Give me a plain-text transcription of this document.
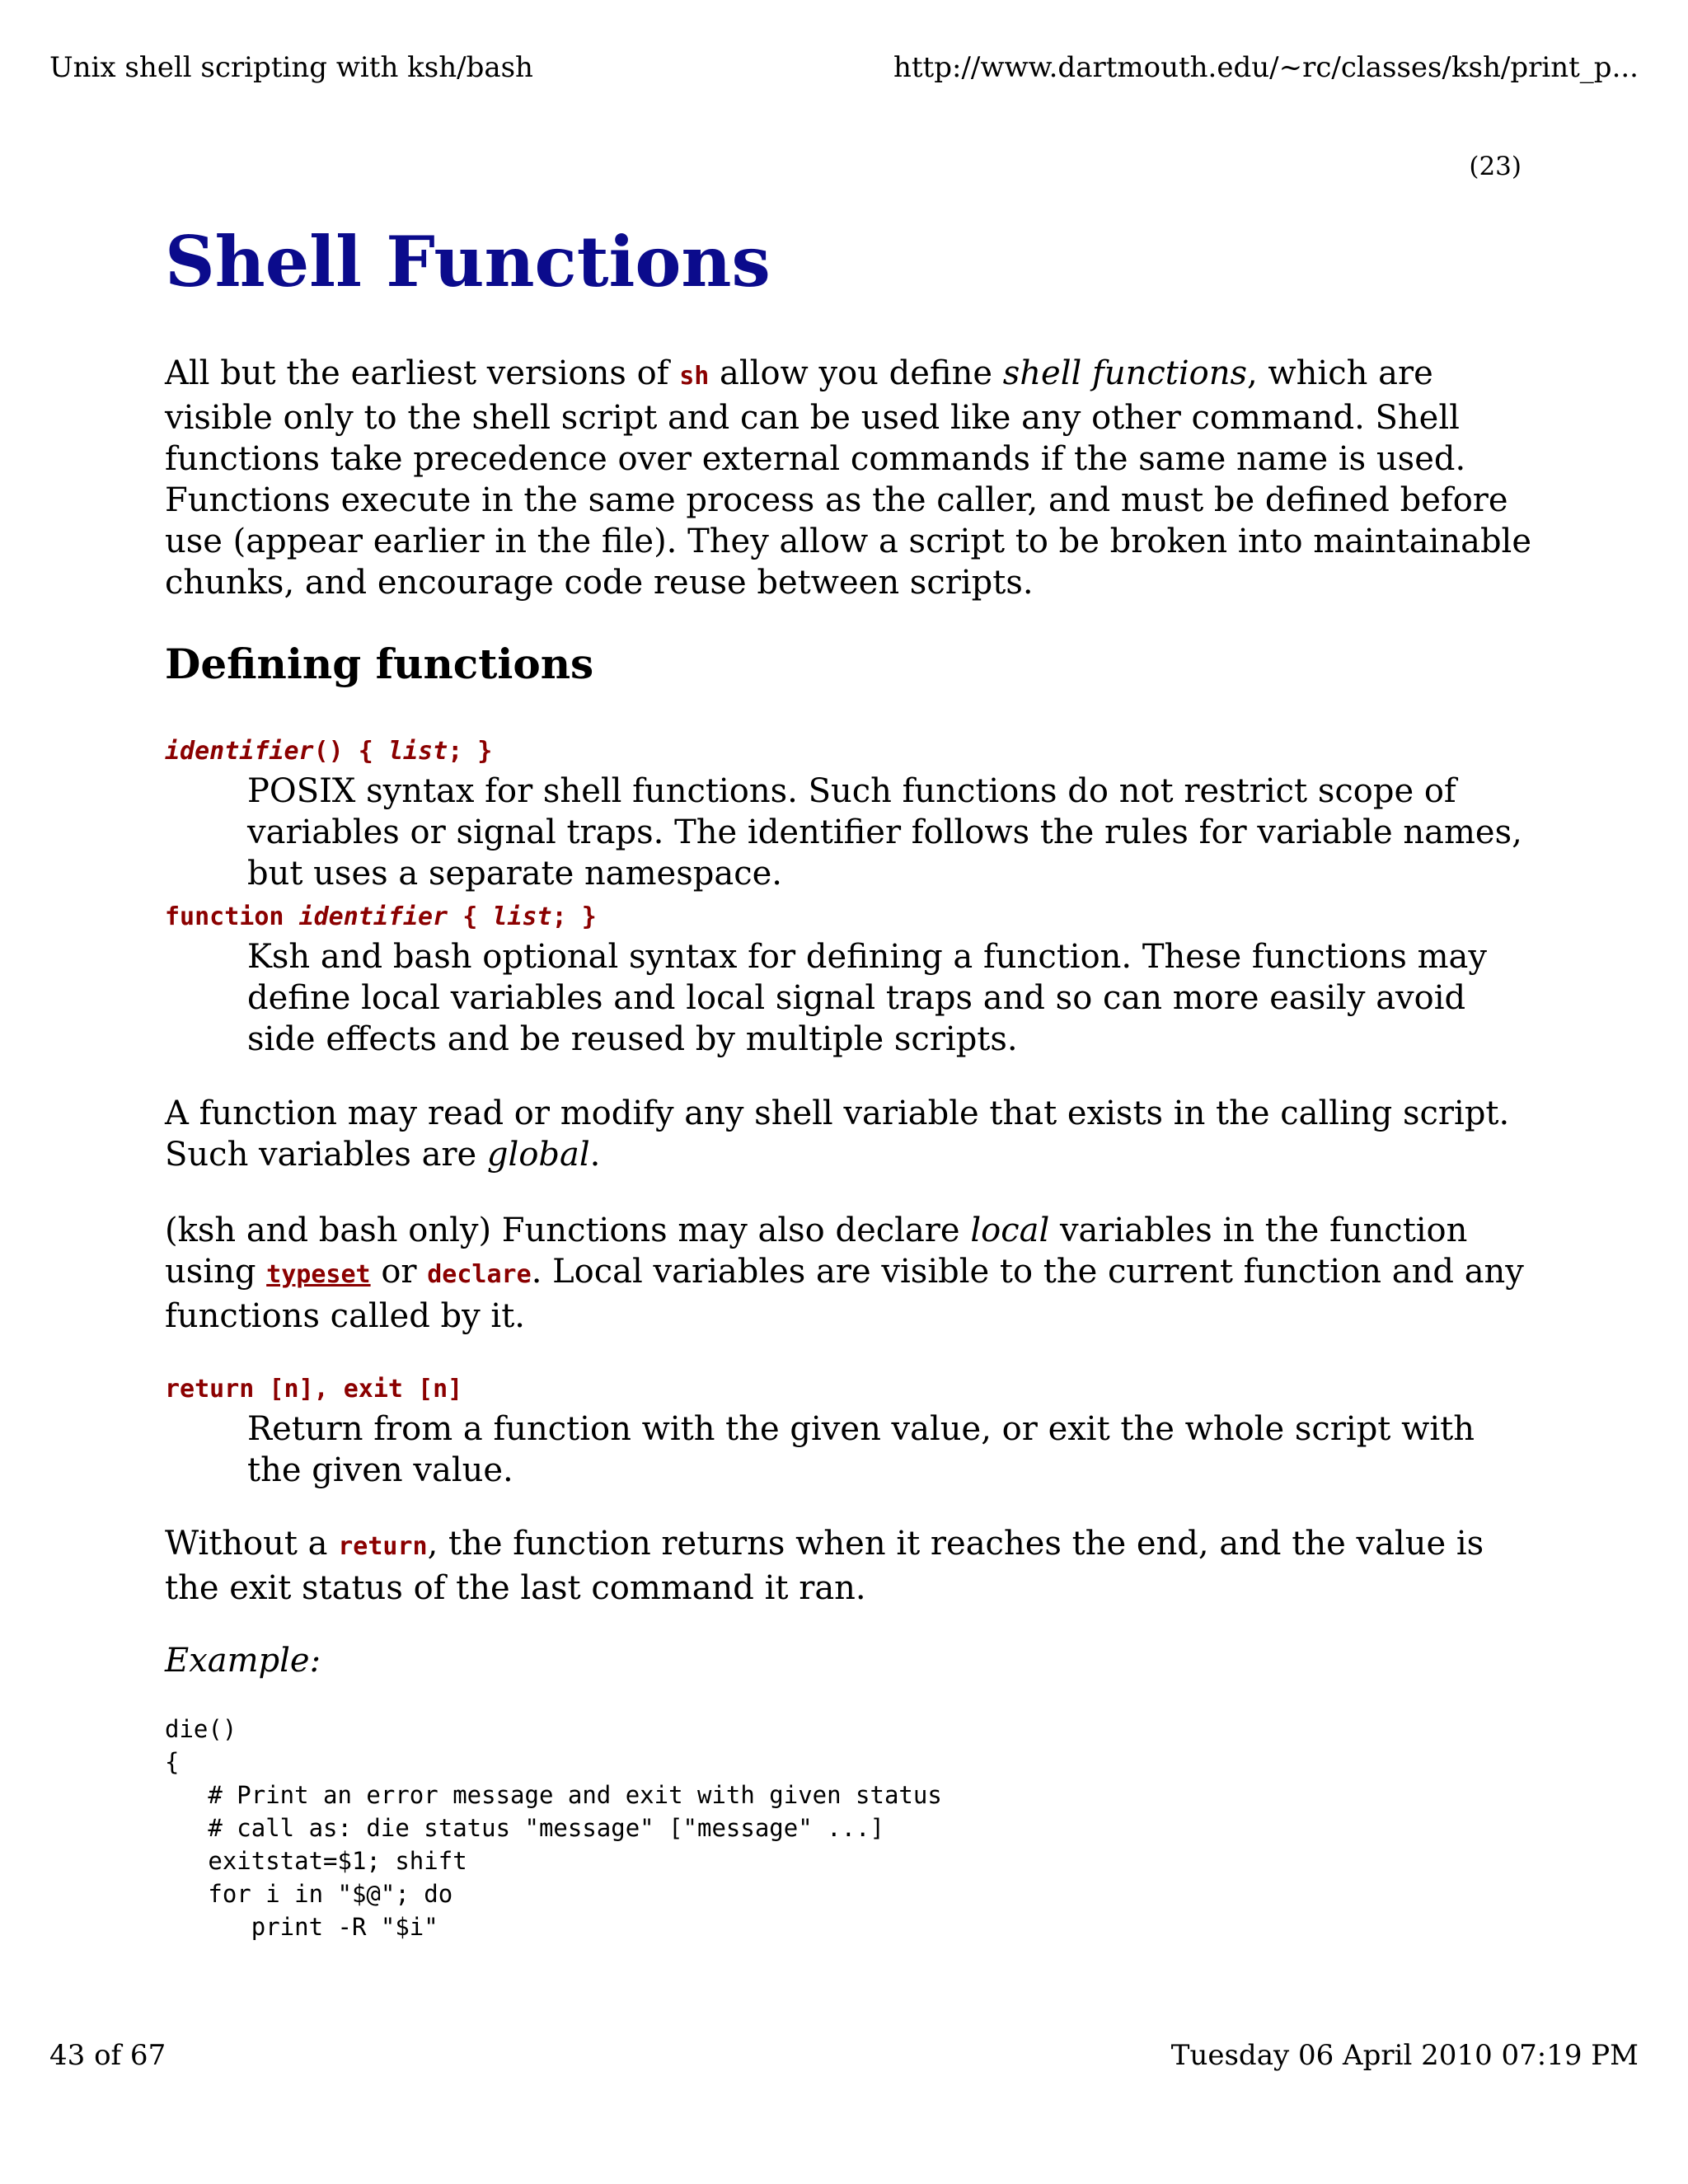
Unix shell scripting with ksh/bash	http://www.dartmouth.edu/~rc/classes/ksh/print_p...
(23)
Shell Functions

All but the earliest versions of sh allow you define shell functions, which are visible only to the shell script and can be used like any other command. Shell functions take precedence over external commands if the same name is used. Functions execute in the same process as the caller, and must be defined before use (appear earlier in the file). They allow a script to be broken into maintainable chunks, and encourage code reuse between scripts.

Defining functions
identifier() { list; }

POSIX syntax for shell functions. Such functions do not restrict scope of variables or signal traps. The identifier follows the rules for variable names, but uses a separate namespace.

function identifier { list; }

Ksh and bash optional syntax for defining a function. These functions may define local variables and local signal traps and so can more easily avoid side effects and be reused by multiple scripts.

A function may read or modify any shell variable that exists in the calling script. Such variables are global.

(ksh and bash only) Functions may also declare local variables in the function using typeset or declare. Local variables are visible to the current function and any functions called by it.

return [n], exit [n]

Return from a function with the given value, or exit the whole script with the given value.

Without a return, the function returns when it reaches the end, and the value is the exit status of the last command it ran.

Example:

die()
{
# Print an error message and exit with given status
# call as: die status "message" ["message" ...]
exitstat=$1; shift
for i in "$@"; do
print -R "$i"
43 of 67	Tuesday 06 April 2010 07:19 PM
